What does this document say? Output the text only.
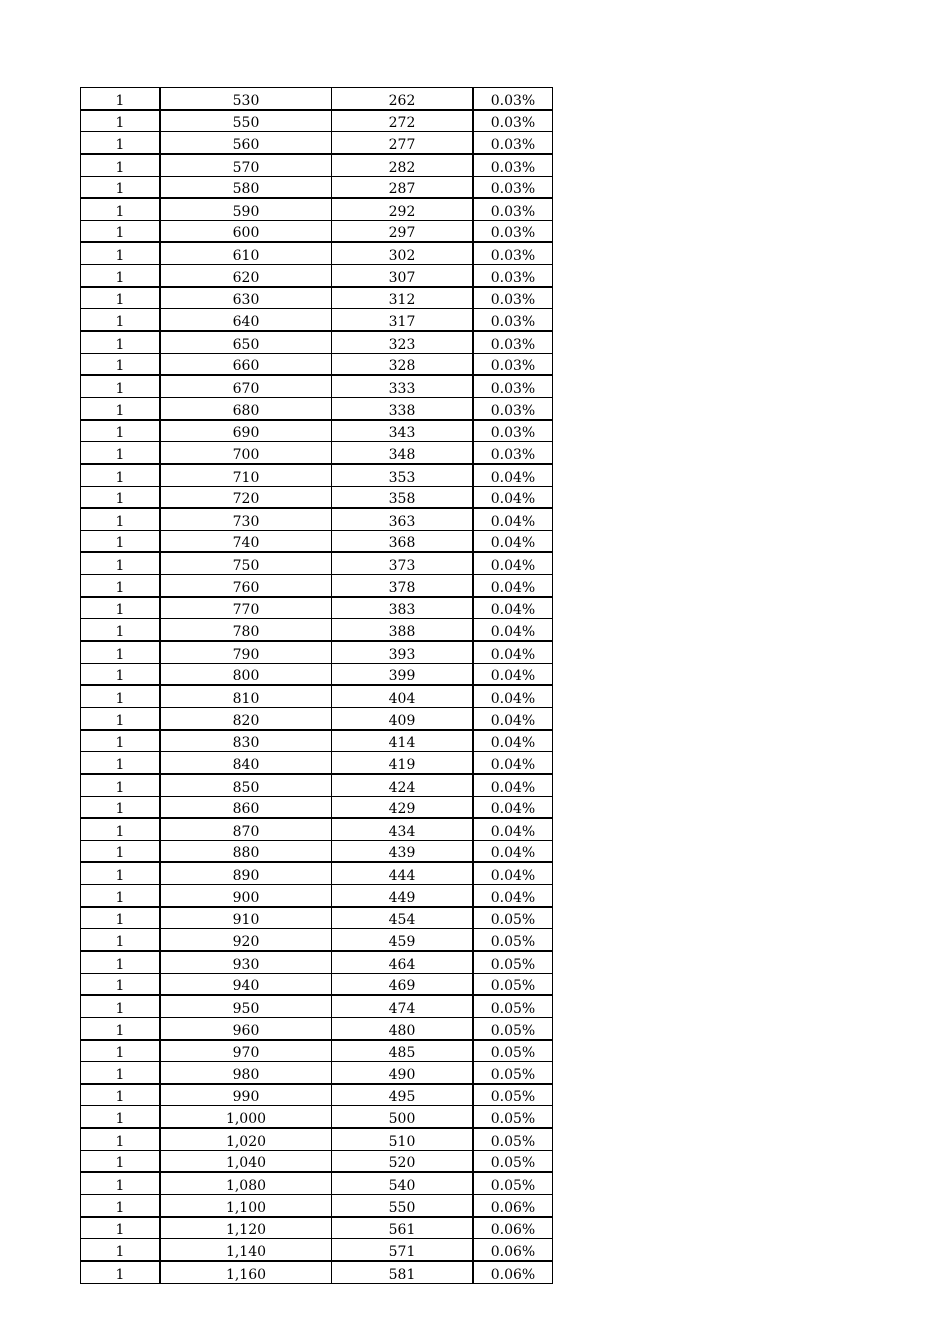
1	530	262	0.03%
1	550	272	0.03%
1	560	277	0.03%
1	570	282	0.03%
1	580	287	0.03%
1	590	292	0.03%
1	600	297	0.03%
1	610	302	0.03%
1	620	307	0.03%
1	630	312	0.03%
1	640	317	0.03%
1	650	323	0.03%
1	660	328	0.03%
1	670	333	0.03%
1	680	338	0.03%
1	690	343	0.03%
1	700	348	0.03%
1	710	353	0.04%
1	720	358	0.04%
1	730	363	0.04%
1	740	368	0.04%
1	750	373	0.04%
1	760	378	0.04%
1	770	383	0.04%
1	780	388	0.04%
1	790	393	0.04%
1	800	399	0.04%
1	810	404	0.04%
1	820	409	0.04%
1	830	414	0.04%
1	840	419	0.04%
1	850	424	0.04%
1	860	429	0.04%
1	870	434	0.04%
1	880	439	0.04%
1	890	444	0.04%
1	900	449	0.04%
1	910	454	0.05%
1	920	459	0.05%
1	930	464	0.05%
1	940	469	0.05%
1	950	474	0.05%
1	960	480	0.05%
1	970	485	0.05%
1	980	490	0.05%
1	990	495	0.05%
1	1,000	500	0.05%
1	1,020	510	0.05%
1	1,040	520	0.05%
1	1,080	540	0.05%
1	1,100	550	0.06%
1	1,120	561	0.06%
1	1,140	571	0.06%
1	1,160	581	0.06%
